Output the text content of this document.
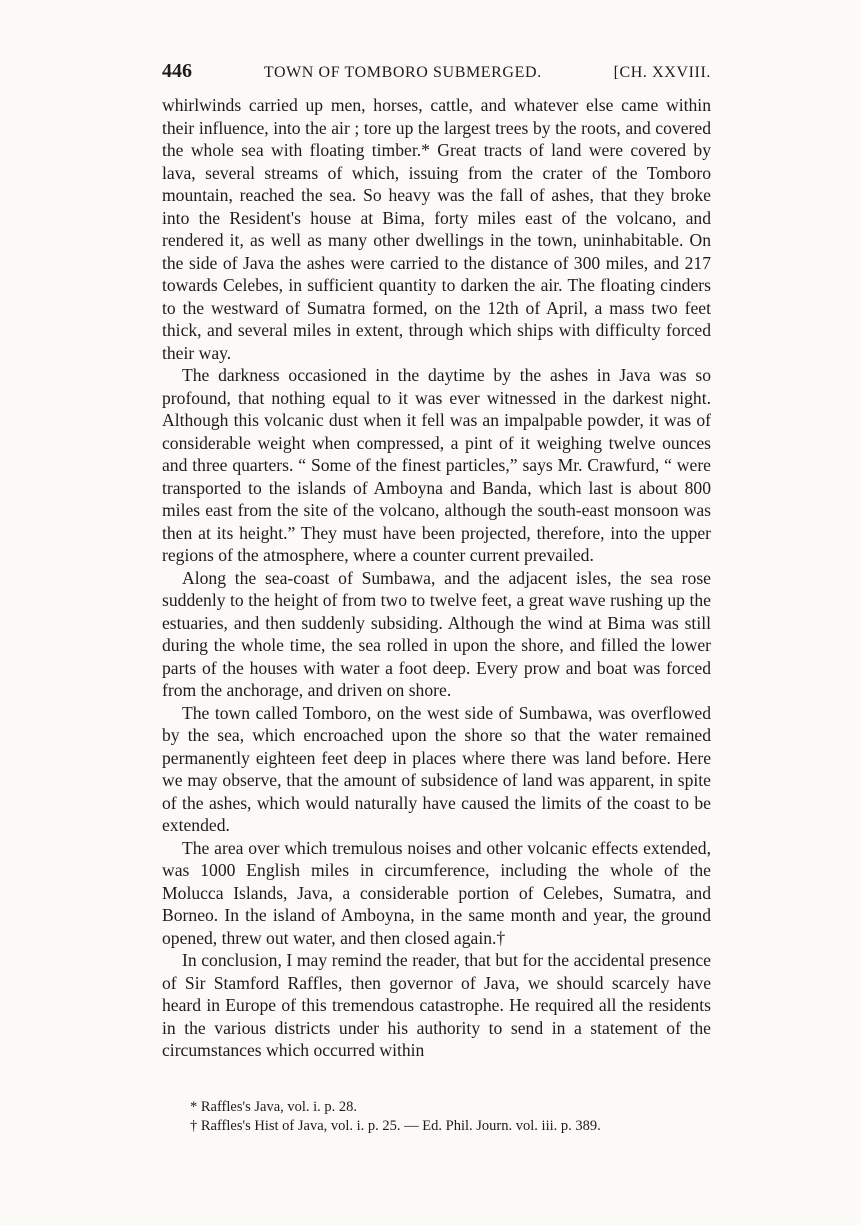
446	TOWN OF TOMBORO SUBMERGED.	[CH. XXVIII.

whirlwinds carried up men, horses, cattle, and whatever else came within their influence, into the air ; tore up the largest trees by the roots, and covered the whole sea with floating timber.* Great tracts of land were covered by lava, several streams of which, issuing from the crater of the Tomboro mountain, reached the sea. So heavy was the fall of ashes, that they broke into the Resident's house at Bima, forty miles east of the volcano, and rendered it, as well as many other dwellings in the town, uninhabitable. On the side of Java the ashes were carried to the distance of 300 miles, and 217 towards Celebes, in sufficient quantity to darken the air. The floating cinders to the westward of Sumatra formed, on the 12th of April, a mass two feet thick, and several miles in extent, through which ships with difficulty forced their way.

The darkness occasioned in the daytime by the ashes in Java was so profound, that nothing equal to it was ever witnessed in the darkest night. Although this volcanic dust when it fell was an impalpable powder, it was of considerable weight when compressed, a pint of it weighing twelve ounces and three quarters. “ Some of the finest particles,” says Mr. Crawfurd, “ were transported to the islands of Amboyna and Banda, which last is about 800 miles east from the site of the volcano, although the south-east monsoon was then at its height.” They must have been projected, therefore, into the upper regions of the atmosphere, where a counter current prevailed.

Along the sea-coast of Sumbawa, and the adjacent isles, the sea rose suddenly to the height of from two to twelve feet, a great wave rushing up the estuaries, and then suddenly subsiding. Although the wind at Bima was still during the whole time, the sea rolled in upon the shore, and filled the lower parts of the houses with water a foot deep. Every prow and boat was forced from the anchorage, and driven on shore.

The town called Tomboro, on the west side of Sumbawa, was overflowed by the sea, which encroached upon the shore so that the water remained permanently eighteen feet deep in places where there was land before. Here we may observe, that the amount of subsidence of land was apparent, in spite of the ashes, which would naturally have caused the limits of the coast to be extended.

The area over which tremulous noises and other volcanic effects extended, was 1000 English miles in circumference, including the whole of the Molucca Islands, Java, a considerable portion of Celebes, Sumatra, and Borneo. In the island of Amboyna, in the same month and year, the ground opened, threw out water, and then closed again.†

In conclusion, I may remind the reader, that but for the accidental presence of Sir Stamford Raffles, then governor of Java, we should scarcely have heard in Europe of this tremendous catastrophe. He required all the residents in the various districts under his authority to send in a statement of the circumstances which occurred within

* Raffles's Java, vol. i. p. 28.
† Raffles's Hist of Java, vol. i. p. 25. — Ed. Phil. Journ. vol. iii. p. 389.
